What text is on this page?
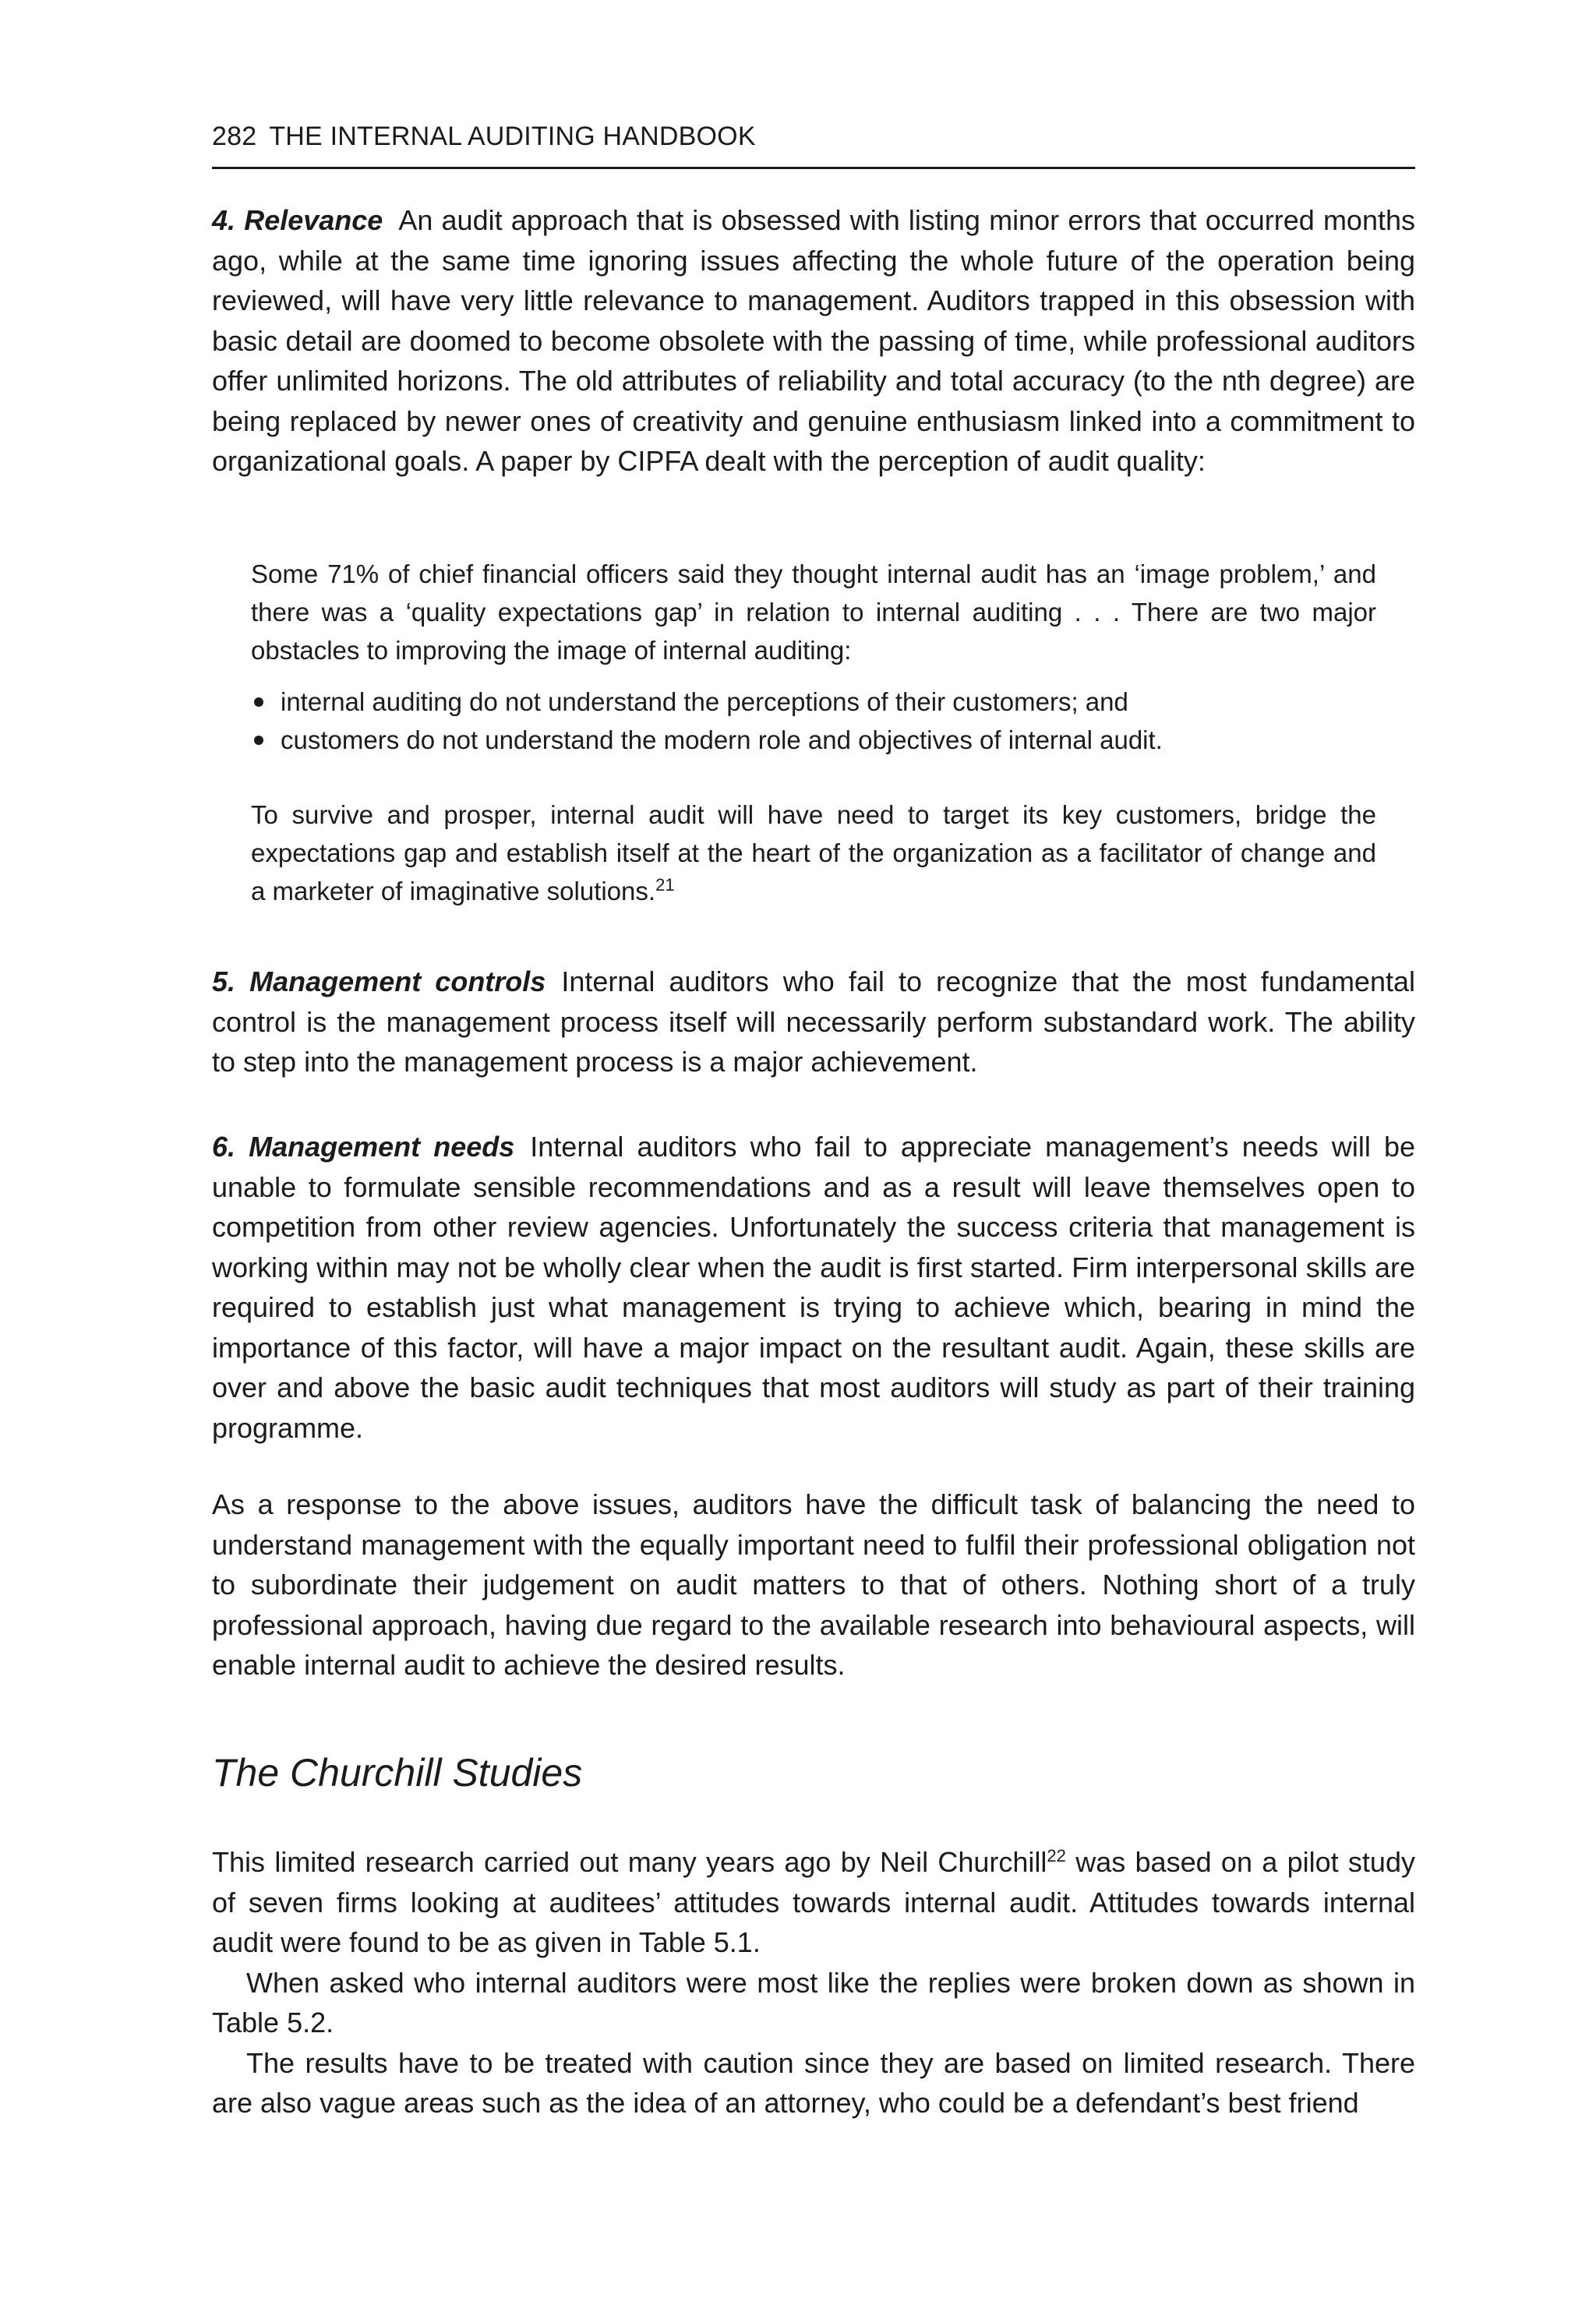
282 THE INTERNAL AUDITING HANDBOOK

4. Relevance An audit approach that is obsessed with listing minor errors that occurred months ago, while at the same time ignoring issues affecting the whole future of the operation being reviewed, will have very little relevance to management. Auditors trapped in this obsession with basic detail are doomed to become obsolete with the passing of time, while professional auditors offer unlimited horizons. The old attributes of reliability and total accuracy (to the nth degree) are being replaced by newer ones of creativity and genuine enthusiasm linked into a commitment to organizational goals. A paper by CIPFA dealt with the perception of audit quality:

Some 71% of chief financial officers said they thought internal audit has an ‘image problem,’ and there was a ‘quality expectations gap’ in relation to internal auditing . . . There are two major obstacles to improving the image of internal auditing:

internal auditing do not understand the perceptions of their customers; and
customers do not understand the modern role and objectives of internal audit.

To survive and prosper, internal audit will have need to target its key customers, bridge the expectations gap and establish itself at the heart of the organization as a facilitator of change and a marketer of imaginative solutions.$^{21}$

5. Management controls Internal auditors who fail to recognize that the most fundamental control is the management process itself will necessarily perform substandard work. The ability to step into the management process is a major achievement.

6. Management needs Internal auditors who fail to appreciate management’s needs will be unable to formulate sensible recommendations and as a result will leave themselves open to competition from other review agencies. Unfortunately the success criteria that management is working within may not be wholly clear when the audit is first started. Firm interpersonal skills are required to establish just what management is trying to achieve which, bearing in mind the importance of this factor, will have a major impact on the resultant audit. Again, these skills are over and above the basic audit techniques that most auditors will study as part of their training programme.

As a response to the above issues, auditors have the difficult task of balancing the need to understand management with the equally important need to fulfil their professional obligation not to subordinate their judgement on audit matters to that of others. Nothing short of a truly professional approach, having due regard to the available research into behavioural aspects, will enable internal audit to achieve the desired results.

The Churchill Studies
This limited research carried out many years ago by Neil Churchill$^{22}$ was based on a pilot study of seven firms looking at auditees’ attitudes towards internal audit. Attitudes towards internal audit were found to be as given in Table 5.1.
When asked who internal auditors were most like the replies were broken down as shown in Table 5.2.
The results have to be treated with caution since they are based on limited research. There are also vague areas such as the idea of an attorney, who could be a defendant’s best friend
